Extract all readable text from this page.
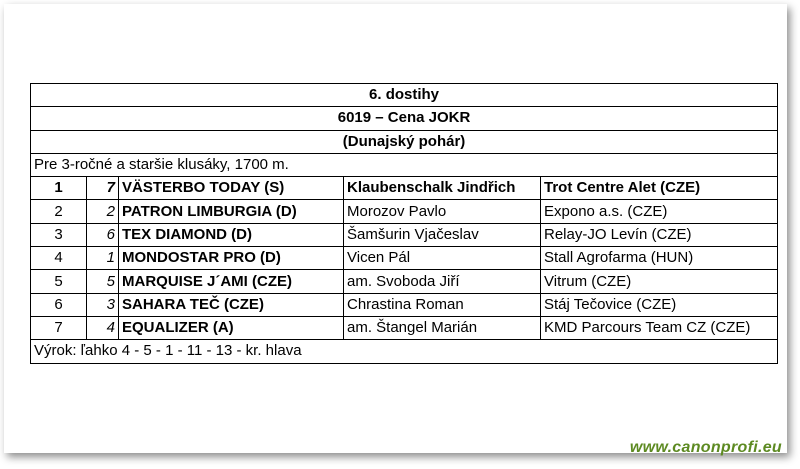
6. dostihy				
6019 – Cena JOKR				
(Dunajský pohár)				
Pre 3-ročné a staršie klusáky, 1700 m.				
1	7	VÄSTERBO TODAY (S)	Klaubenschalk Jindřich	Trot Centre Alet (CZE)
2	2	PATRON LIMBURGIA (D)	Morozov Pavlo	Expono a.s. (CZE)
3	6	TEX DIAMOND (D)	Šamšurin Vjačeslav	Relay-JO Levín (CZE)
4	1	MONDOSTAR PRO (D)	Vicen Pál	Stall Agrofarma (HUN)
5	5	MARQUISE J´AMI (CZE)	am. Svoboda Jiří	Vitrum (CZE)
6	3	SAHARA TEČ (CZE)	Chrastina Roman	Stáj Tečovice (CZE)
7	4	EQUALIZER (A)	am. Štangel Marián	KMD Parcours Team CZ (CZE)
Výrok: ľahko 4 - 5 - 1 - 11 - 13 - kr. hlava				
www.canonprofi.eu
